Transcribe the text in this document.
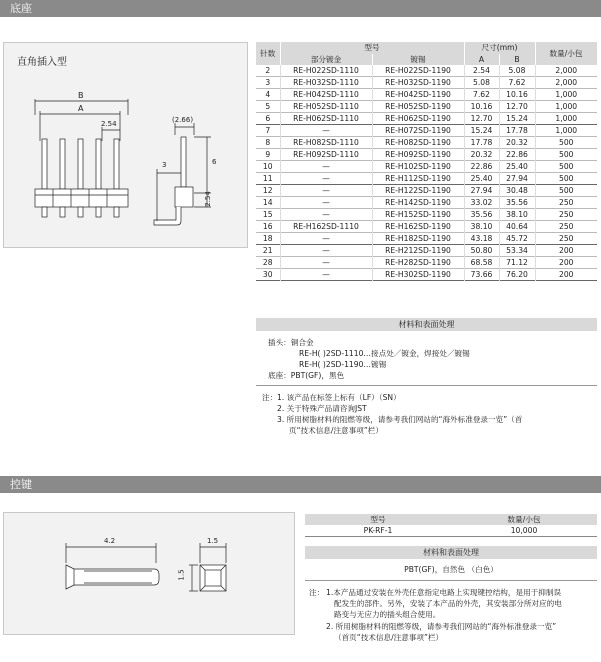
底座
直角插入型
B
A
2.54	(2.66)
6
3
2.54
针数	型号		尺寸(mm)		数量/小包
	部分镀金	镀锡	A	B	
2	RE-H022SD-1110	RE-H022SD-1190	2.54	5.08	2,000
3	RE-H032SD-1110	RE-H032SD-1190	5.08	7.62	2,000
4	RE-H042SD-1110	RE-H042SD-1190	7.62	10.16	1,000
5	RE-H052SD-1110	RE-H052SD-1190	10.16	12.70	1,000
6	RE-H062SD-1110	RE-H062SD-1190	12.70	15.24	1,000
7	—	RE-H072SD-1190	15.24	17.78	1,000
8	RE-H082SD-1110	RE-H082SD-1190	17.78	20.32	500
9	RE-H092SD-1110	RE-H092SD-1190	20.32	22.86	500
10	—	RE-H102SD-1190	22.86	25.40	500
11	—	RE-H112SD-1190	25.40	27.94	500
12	—	RE-H122SD-1190	27.94	30.48	500
14	—	RE-H142SD-1190	33.02	35.56	250
15	—	RE-H152SD-1190	35.56	38.10	250
16	RE-H162SD-1110	RE-H162SD-1190	38.10	40.64	250
18	—	RE-H182SD-1190	43.18	45.72	250
21	—	RE-H212SD-1190	50.80	53.34	200
28	—	RE-H282SD-1190	68.58	71.12	200
30	—	RE-H302SD-1190	73.66	76.20	200
材料和表面处理
插头：铜合金
RE-H( )2SD-1110…接点处／镀金，焊接处／镀锡
RE-H( )2SD-1190…镀锡
底座：PBT(GF)，黑色
注： 1. 该产品在标签上标有（LF）（SN）
2. 关于特殊产品请咨询JST
3. 所用树脂材料的阻燃等级，请参考我们网站的“海外标准登录一览”（首
页“技术信息/注意事项”栏）
控键
4.2	1.5
1.5
型号	数量/小包
PK-RF-1	10,000
材料和表面处理
PBT(GF)，自然色 （白色）
注： 1.本产品通过安装在外壳任意指定电路上实现键控结构，是用于抑制误
配发生的部件。另外，安装了本产品的外壳，其安装部分所对应的电
路变与无应力的插头组合使用。
2. 所用树脂材料的阻燃等级，请参考我们网站的“海外标准登录一览”
（首页“技术信息/注意事项”栏）
